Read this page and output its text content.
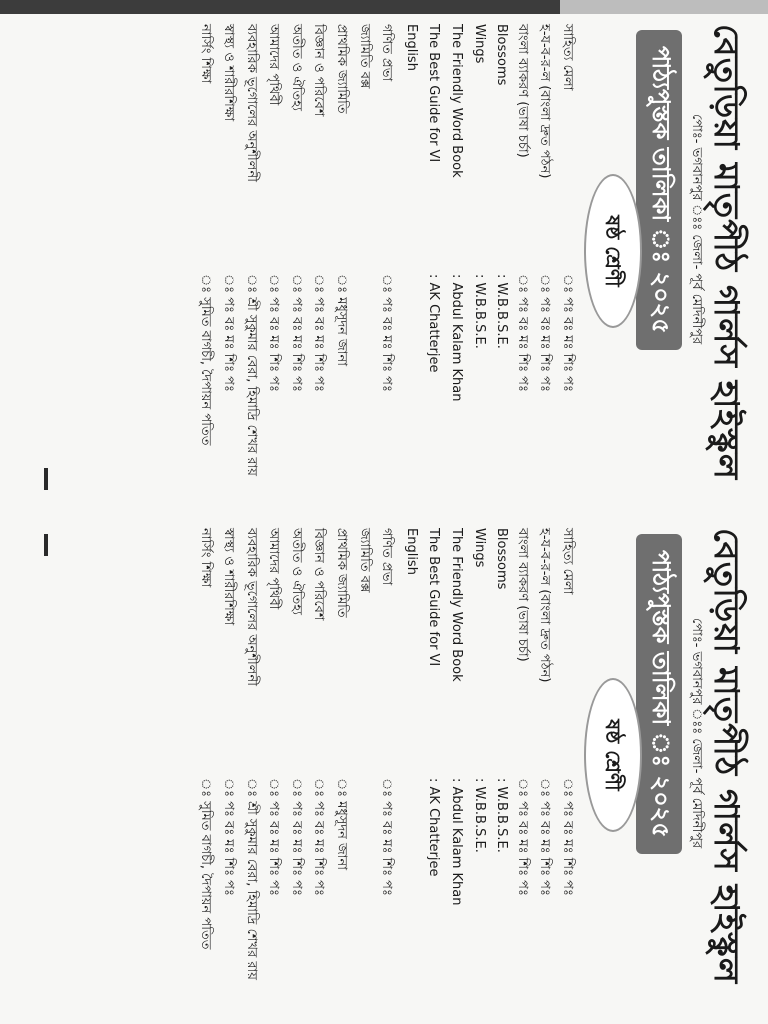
বেতুড়িয়া মাতৃপীঠ গার্লস হাইস্কুল
পোঃ- ভগবানপুর ঃঃ জেলা- পূর্ব মেদিনীপুর
পাঠ্যপুস্তক তালিকা ঃ ২০২৫
ষষ্ঠ শ্রেণী
সাহিত্য মেলা
ঃ পঃ বঃ মঃ শিঃ পঃ
হ-য-ব-র-ল (বাংলা দ্রুত পঠন)
ঃ পঃ বঃ মঃ শিঃ পঃ
বাংলা ব্যাকরণ (ভাষা চর্চা)
ঃ পঃ বঃ মঃ শিঃ পঃ
Blossoms
: W.B.B.S.E.
Wings
: W.B.B.S.E.
The Friendly Word Book
: Abdul Kalam Khan
The Best Guide for VI
: AK Chatterjee
English
গণিত প্রভা
ঃ পঃ বঃ মঃ শিঃ পঃ
জ্যামিতি বক্স
প্রাথমিক জ্যামিতি
ঃ মধুসূদন জানা
বিজ্ঞান ও পরিবেশ
ঃ পঃ বঃ মঃ শিঃ পঃ
অতীত ও ঐতিহ্য
ঃ পঃ বঃ মঃ শিঃ পঃ
আমাদের পৃথিবী
ঃ পঃ বঃ মঃ শিঃ পঃ
ব্যবহারিক ভূগোলের অনুশীলনী
ঃ শ্রী সুকুমার বেরা, হিমাদ্রি শেখর রায়
স্বাস্থ্য ও শারীরশিক্ষা
ঃ পঃ বঃ মঃ শিঃ পঃ
নার্সিং শিক্ষা
ঃ সুমিত বাগচী, দৈপায়ন পতিত
বেতুড়িয়া মাতৃপীঠ গার্লস হাইস্কুল
পোঃ- ভগবানপুর ঃঃ জেলা- পূর্ব মেদিনীপুর
পাঠ্যপুস্তক তালিকা ঃ ২০২৫
ষষ্ঠ শ্রেণী
সাহিত্য মেলা
ঃ পঃ বঃ মঃ শিঃ পঃ
হ-য-ব-র-ল (বাংলা দ্রুত পঠন)
ঃ পঃ বঃ মঃ শিঃ পঃ
বাংলা ব্যাকরণ (ভাষা চর্চা)
ঃ পঃ বঃ মঃ শিঃ পঃ
Blossoms
: W.B.B.S.E.
Wings
: W.B.B.S.E.
The Friendly Word Book
: Abdul Kalam Khan
The Best Guide for VI
: AK Chatterjee
English
গণিত প্রভা
ঃ পঃ বঃ মঃ শিঃ পঃ
জ্যামিতি বক্স
প্রাথমিক জ্যামিতি
ঃ মধুসূদন জানা
বিজ্ঞান ও পরিবেশ
ঃ পঃ বঃ মঃ শিঃ পঃ
অতীত ও ঐতিহ্য
ঃ পঃ বঃ মঃ শিঃ পঃ
আমাদের পৃথিবী
ঃ পঃ বঃ মঃ শিঃ পঃ
ব্যবহারিক ভূগোলের অনুশীলনী
ঃ শ্রী সুকুমার বেরা, হিমাদ্রি শেখর রায়
স্বাস্থ্য ও শারীরশিক্ষা
ঃ পঃ বঃ মঃ শিঃ পঃ
নার্সিং শিক্ষা
ঃ সুমিত বাগচী, দৈপায়ন পতিত
